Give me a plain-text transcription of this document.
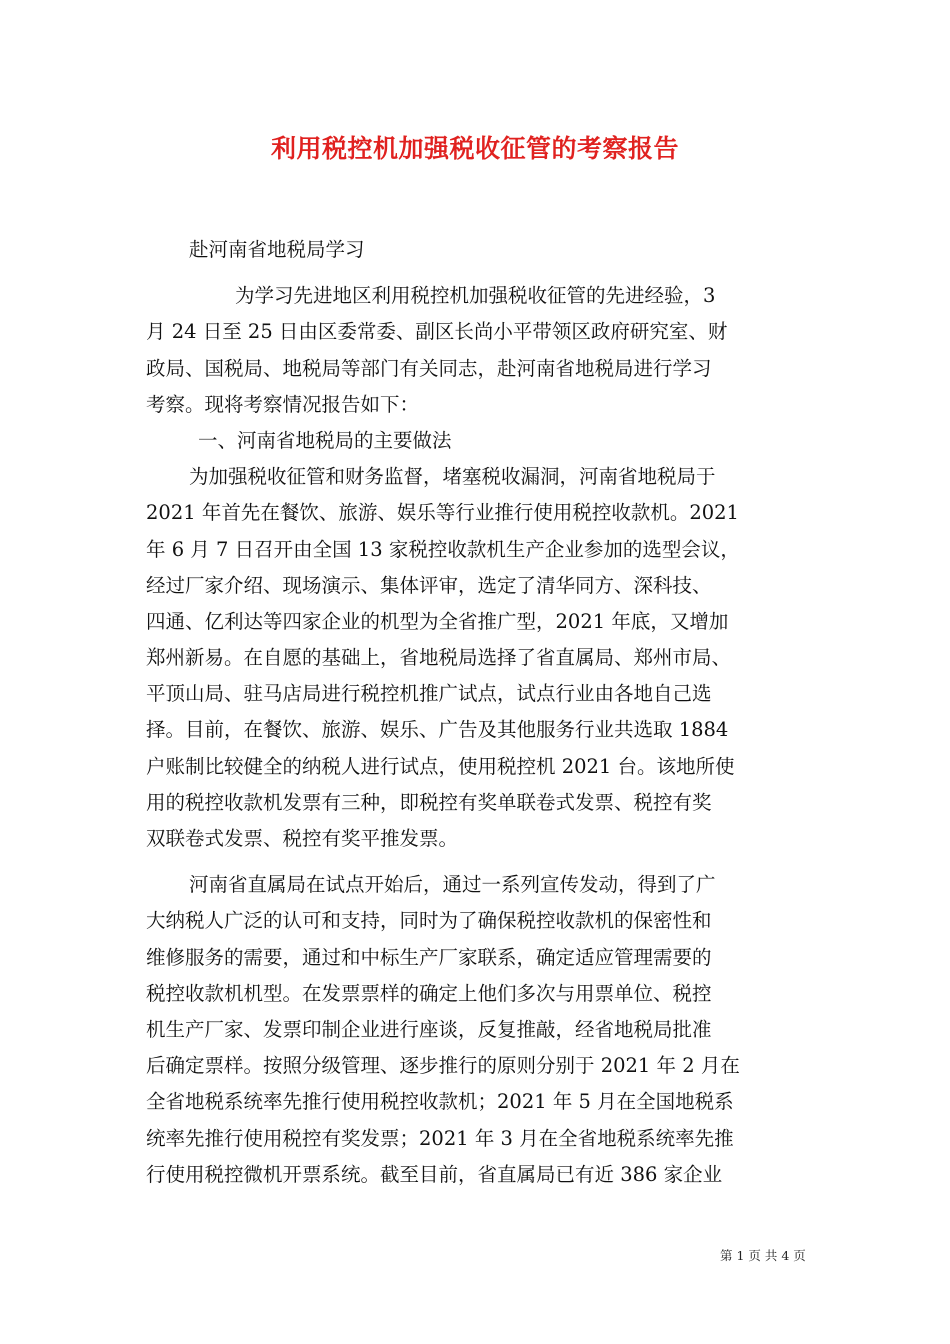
利用税控机加强税收征管的考察报告
赴河南省地税局学习
为学习先进地区利用税控机加强税收征管的先进经验，3
月 24 日至 25 日由区委常委、副区长尚小平带领区政府研究室、财
政局、国税局、地税局等部门有关同志，赴河南省地税局进行学习
考察。现将考察情况报告如下：
一、河南省地税局的主要做法
为加强税收征管和财务监督，堵塞税收漏洞，河南省地税局于
2021 年首先在餐饮、旅游、娱乐等行业推行使用税控收款机。2021
年 6 月 7 日召开由全国 13 家税控收款机生产企业参加的选型会议，
经过厂家介绍、现场演示、集体评审，选定了清华同方、深科技、
四通、亿利达等四家企业的机型为全省推广型，2021 年底，又增加
郑州新易。在自愿的基础上，省地税局选择了省直属局、郑州市局、
平顶山局、驻马店局进行税控机推广试点，试点行业由各地自己选
择。目前，在餐饮、旅游、娱乐、广告及其他服务行业共选取 1884
户账制比较健全的纳税人进行试点，使用税控机 2021 台。该地所使
用的税控收款机发票有三种，即税控有奖单联卷式发票、税控有奖
双联卷式发票、税控有奖平推发票。
河南省直属局在试点开始后，通过一系列宣传发动，得到了广
大纳税人广泛的认可和支持，同时为了确保税控收款机的保密性和
维修服务的需要，通过和中标生产厂家联系，确定适应管理需要的
税控收款机机型。在发票票样的确定上他们多次与用票单位、税控
机生产厂家、发票印制企业进行座谈，反复推敲，经省地税局批准
后确定票样。按照分级管理、逐步推行的原则分别于 2021 年 2 月在
全省地税系统率先推行使用税控收款机；2021 年 5 月在全国地税系
统率先推行使用税控有奖发票；2021 年 3 月在全省地税系统率先推
行使用税控微机开票系统。截至目前，省直属局已有近 386 家企业
第 1 页 共 4 页
